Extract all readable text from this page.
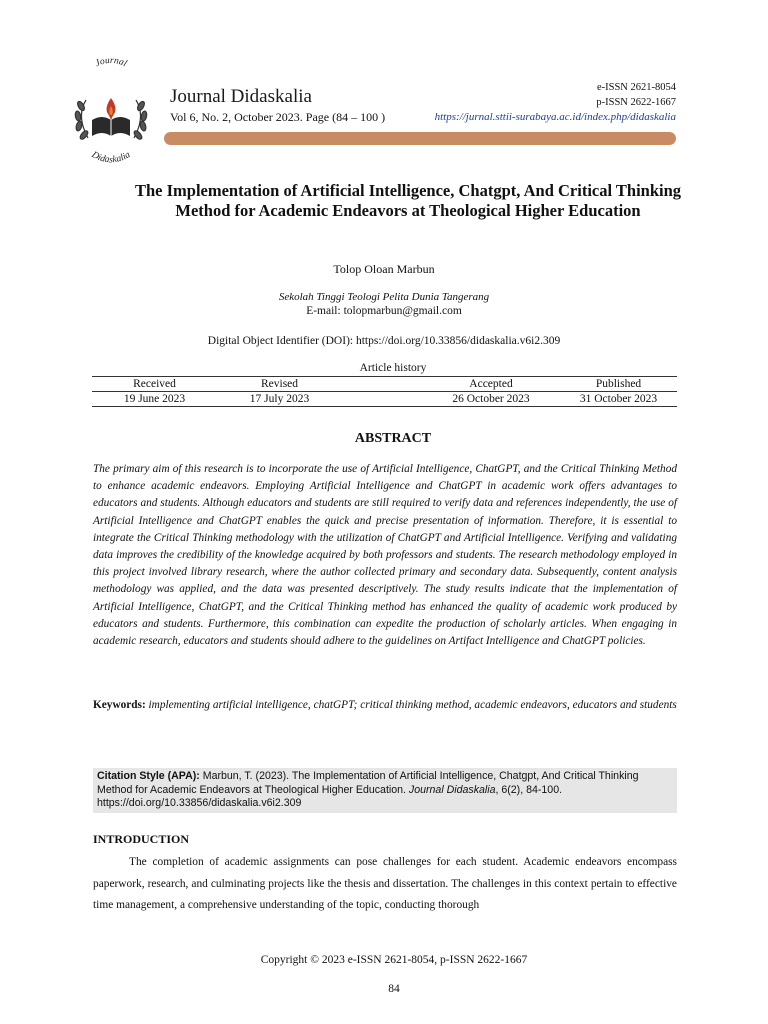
Journal
Didaskalia
Journal Didaskalia
Vol 6, No. 2, October 2023. Page (84 – 100 )
e-ISSN 2621-8054
p-ISSN 2622-1667
https://jurnal.sttii-surabaya.ac.id/index.php/didaskalia
The Implementation of Artificial Intelligence, Chatgpt, And Critical Thinking Method for Academic Endeavors at Theological Higher Education
Tolop Oloan Marbun
Sekolah Tinggi Teologi Pelita Dunia Tangerang
E-mail: tolopmarbun@gmail.com
Digital Object Identifier (DOI): https://doi.org/10.33856/didaskalia.v6i2.309
Article history
Received	Revised		Accepted	Published
19 June 2023	17 July 2023		26 October 2023	31 October 2023
ABSTRACT
The primary aim of this research is to incorporate the use of Artificial Intelligence, ChatGPT, and the Critical Thinking Method to enhance academic endeavors. Employing Artificial Intelligence and ChatGPT in academic work offers advantages to educators and students. Although educators and students are still required to verify data and references independently, the use of Artificial Intelligence and ChatGPT enables the quick and precise presentation of information. Therefore, it is essential to integrate the Critical Thinking methodology with the utilization of ChatGPT and Artificial Intelligence. Verifying and validating data improves the credibility of the knowledge acquired by both professors and students. The research methodology employed in this project involved library research, where the author collected primary and secondary data. Subsequently, content analysis methodology was applied, and the data was presented descriptively. The study results indicate that the implementation of Artificial Intelligence, ChatGPT, and the Critical Thinking method has enhanced the quality of academic work produced by educators and students. Furthermore, this combination can expedite the production of scholarly articles. When engaging in academic research, educators and students should adhere to the guidelines on Artifact Intelligence and ChatGPT policies.
Keywords: implementing artificial intelligence, chatGPT; critical thinking method, academic endeavors, educators and students
Citation Style (APA): Marbun, T. (2023). The Implementation of Artificial Intelligence, Chatgpt, And Critical Thinking Method for Academic Endeavors at Theological Higher Education. Journal Didaskalia, 6(2), 84-100. https://doi.org/10.33856/didaskalia.v6i2.309
INTRODUCTION
The completion of academic assignments can pose challenges for each student. Academic endeavors encompass paperwork, research, and culminating projects like the thesis and dissertation. The challenges in this context pertain to effective time management, a comprehensive understanding of the topic, conducting thorough
Copyright © 2023 e-ISSN 2621-8054, p-ISSN 2622-1667
84
